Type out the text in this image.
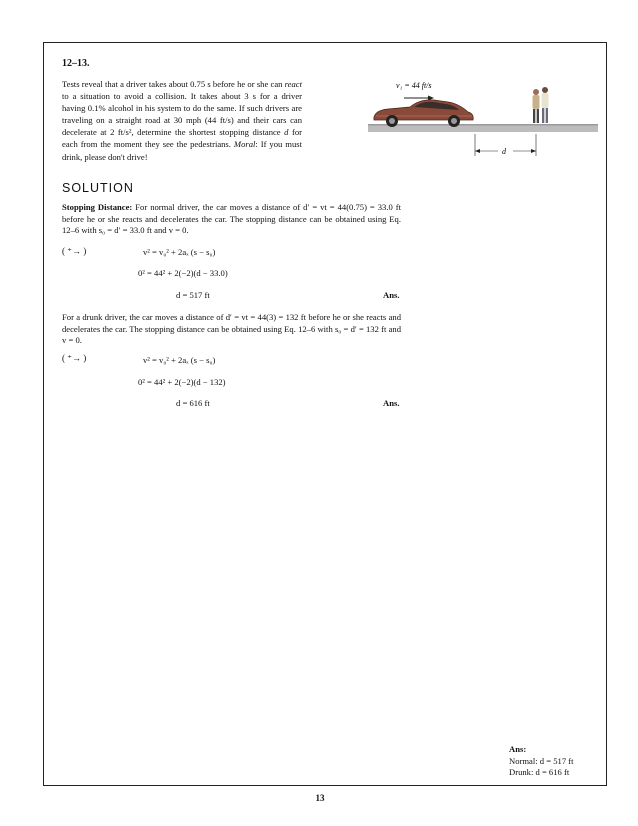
12–13.
Tests reveal that a driver takes about 0.75 s before he or she can react to a situation to avoid a collision. It takes about 3 s for a driver having 0.1% alcohol in his system to do the same. If such drivers are traveling on a straight road at 30 mph (44 ft/s) and their cars can decelerate at 2 ft/s², determine the shortest stopping distance d for each from the moment they see the pedestrians. Moral: If you must drink, please don't drive!
v₁ = 44 ft/s
d
SOLUTION
Stopping Distance: For normal driver, the car moves a distance of d′ = vt = 44(0.75) = 33.0 ft before he or she reacts and decelerates the car. The stopping distance can be obtained using Eq. 12–6 with s₀ = d′ = 33.0 ft and v = 0.
( ⁺→ )	v² = v₀² + 2aₓ (s − s₀)
0² = 44² + 2(−2)(d − 33.0)
d = 517 ft	Ans.
For a drunk driver, the car moves a distance of d′ = vt = 44(3) = 132 ft before he or she reacts and decelerates the car. The stopping distance can be obtained using Eq. 12–6 with s₀ = d′ = 132 ft and v = 0.
( ⁺→ )	v² = v₀² + 2aₓ (s − s₀)
0² = 44² + 2(−2)(d − 132)
d = 616 ft	Ans.
Ans:
Normal: d = 517 ft
Drunk: d = 616 ft
13
